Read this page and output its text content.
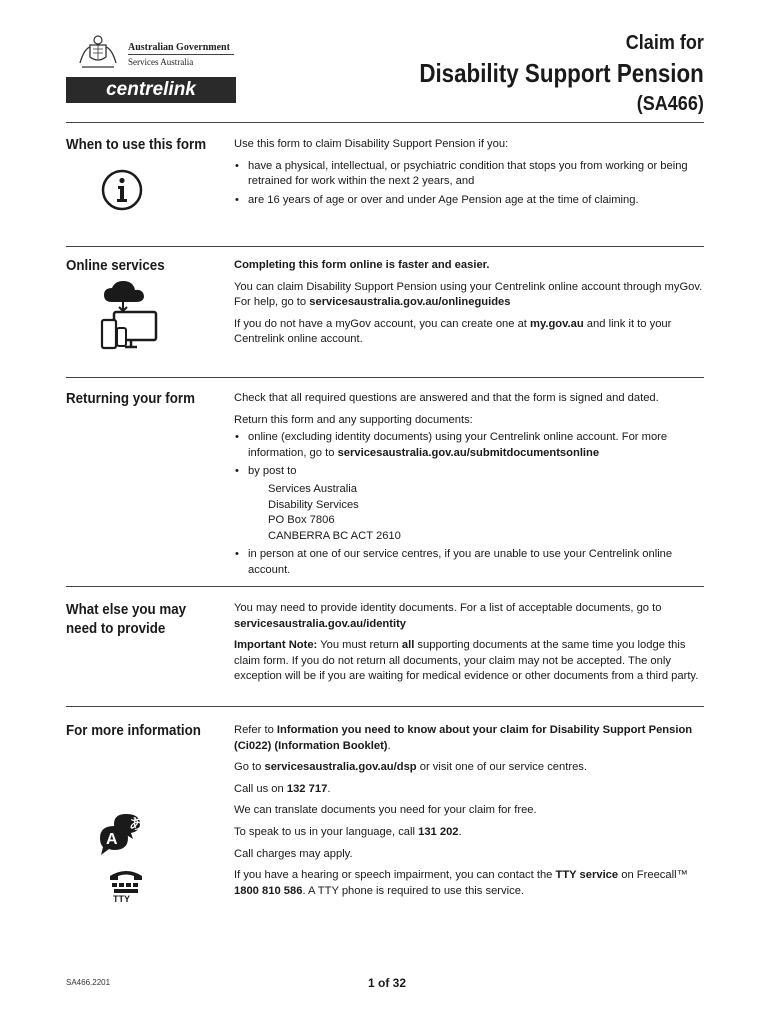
Australian Government
Services Australia
centrelink
Claim for
Disability Support Pension
(SA466)
When to use this form	Use this form to claim Disability Support Pension if you:

• have a physical, intellectual, or psychiatric condition that stops you from working or being retrained for work within the next 2 years, and
• are 16 years of age or over and under Age Pension age at the time of claiming.
Online services	Completing this form online is faster and easier.

You can claim Disability Support Pension using your Centrelink online account through myGov. For help, go to servicesaustralia.gov.au/onlineguides

If you do not have a myGov account, you can create one at my.gov.au and link it to your Centrelink online account.

Returning your form	Check that all required questions are answered and that the form is signed and dated.

Return this form and any supporting documents:

• online (excluding identity documents) using your Centrelink online account. For more information, go to servicesaustralia.gov.au/submitdocumentsonline
• by post to
Services Australia
Disability Services
PO Box 7806
CANBERRA BC ACT 2610
• in person at one of our service centres, if you are unable to use your Centrelink online account.
What else you may need to provide

You may need to provide identity documents. For a list of acceptable documents, go to servicesaustralia.gov.au/identity

Important Note: You must return all supporting documents at the same time you lodge this claim form. If you do not return all documents, your claim may not be accepted. The only exception will be if you are waiting for medical evidence or other documents from a third party.

For more information	Refer to Information you need to know about your claim for Disability Support Pension (Ci022) (Information Booklet).

Go to servicesaustralia.gov.au/dsp or visit one of our service centres.

Call us on 132 717.

We can translate documents you need for your claim for free.

To speak to us in your language, call 131 202.

Call charges may apply.

If you have a hearing or speech impairment, you can contact the TTY service on Freecall™ 1800 810 586. A TTY phone is required to use this service.

A
あ
TTY
SA466.2201	1 of 32
